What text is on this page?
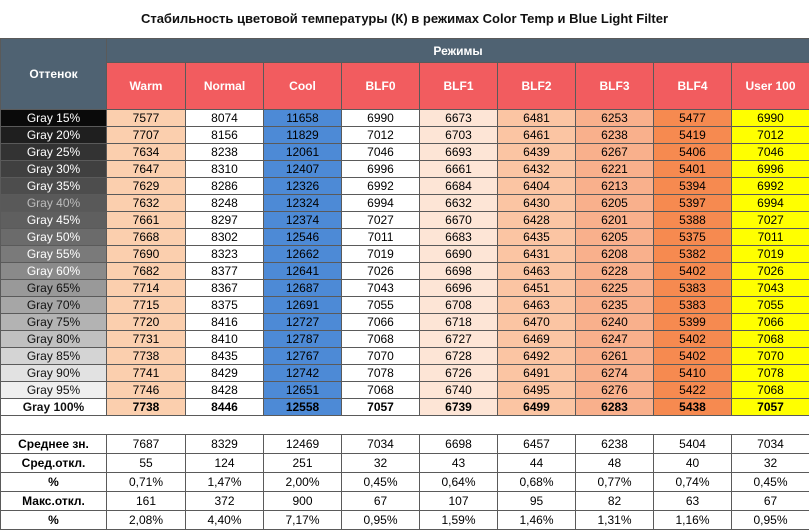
Стабильность цветовой температуры (К) в режимах Color Temp и Blue Light Filter
Оттенок	Режимы								
	Warm	Normal	Cool	BLF0	BLF1	BLF2	BLF3	BLF4	User 100
Gray 15%	7577	8074	11658	6990	6673	6481	6253	5477	6990
Gray 20%	7707	8156	11829	7012	6703	6461	6238	5419	7012
Gray 25%	7634	8238	12061	7046	6693	6439	6267	5406	7046
Gray 30%	7647	8310	12407	6996	6661	6432	6221	5401	6996
Gray 35%	7629	8286	12326	6992	6684	6404	6213	5394	6992
Gray 40%	7632	8248	12324	6994	6632	6430	6205	5397	6994
Gray 45%	7661	8297	12374	7027	6670	6428	6201	5388	7027
Gray 50%	7668	8302	12546	7011	6683	6435	6205	5375	7011
Gray 55%	7690	8323	12662	7019	6690	6431	6208	5382	7019
Gray 60%	7682	8377	12641	7026	6698	6463	6228	5402	7026
Gray 65%	7714	8367	12687	7043	6696	6451	6225	5383	7043
Gray 70%	7715	8375	12691	7055	6708	6463	6235	5383	7055
Gray 75%	7720	8416	12727	7066	6718	6470	6240	5399	7066
Gray 80%	7731	8410	12787	7068	6727	6469	6247	5402	7068
Gray 85%	7738	8435	12767	7070	6728	6492	6261	5402	7070
Gray 90%	7741	8429	12742	7078	6726	6491	6274	5410	7078
Gray 95%	7746	8428	12651	7068	6740	6495	6276	5422	7068
Gray 100%	7738	8446	12558	7057	6739	6499	6283	5438	7057

Среднее зн.	7687	8329	12469	7034	6698	6457	6238	5404	7034
Сред.откл.	55	124	251	32	43	44	48	40	32
%	0,71%	1,47%	2,00%	0,45%	0,64%	0,68%	0,77%	0,74%	0,45%
Макс.откл.	161	372	900	67	107	95	82	63	67
%	2,08%	4,40%	7,17%	0,95%	1,59%	1,46%	1,31%	1,16%	0,95%
